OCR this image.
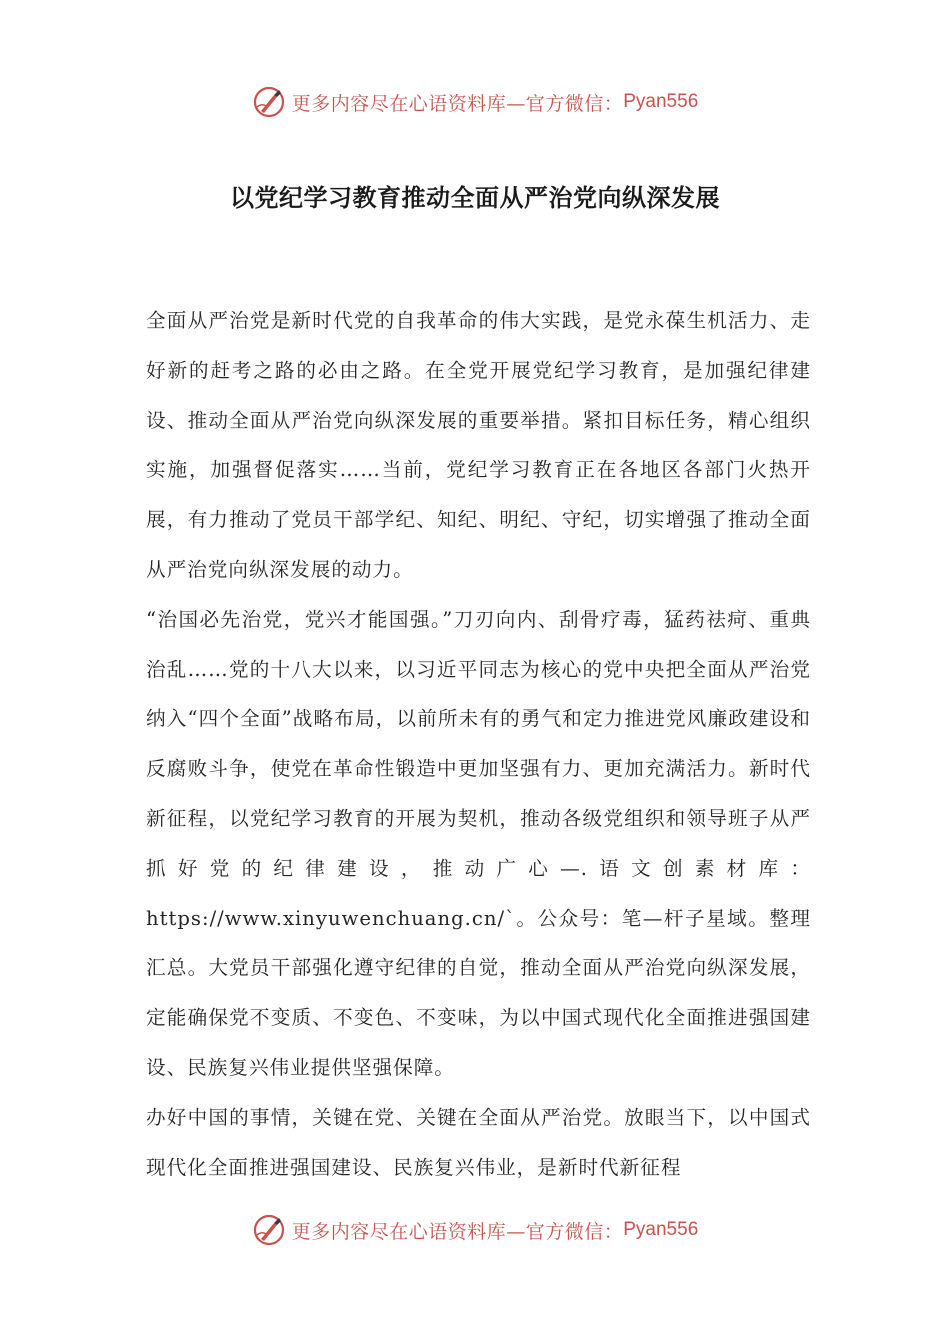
更多内容尽在心语资料库—官方微信： Pyan556
以党纪学习教育推动全面从严治党向纵深发展

全面从严治党是新时代党的自我革命的伟大实践，是党永葆生机活力、走好新的赶考之路的必由之路。在全党开展党纪学习教育，是加强纪律建设、推动全面从严治党向纵深发展的重要举措。紧扣目标任务，精心组织实施，加强督促落实……当前，党纪学习教育正在各地区各部门火热开展，有力推动了党员干部学纪、知纪、明纪、守纪，切实增强了推动全面从严治党向纵深发展的动力。

“治国必先治党，党兴才能国强。”刀刃向内、刮骨疗毒，猛药祛疴、重典治乱……党的十八大以来，以习近平同志为核心的党中央把全面从严治党纳入“四个全面”战略布局，以前所未有的勇气和定力推进党风廉政建设和反腐败斗争，使党在革命性锻造中更加坚强有力、更加充满活力。新时代新征程，以党纪学习教育的开展为契机，推动各级党组织和领导班子从严抓好党的纪律建设，推动广心—.语文创素材库：https://www.xinyuwenchuang.cn/`。公众号：笔—杆子星域。整理汇总。大党员干部强化遵守纪律的自觉，推动全面从严治党向纵深发展，定能确保党不变质、不变色、不变味，为以中国式现代化全面推进强国建设、民族复兴伟业提供坚强保障。

办好中国的事情，关键在党、关键在全面从严治党。放眼当下，以中国式现代化全面推进强国建设、民族复兴伟业，是新时代新征程

更多内容尽在心语资料库—官方微信： Pyan556
